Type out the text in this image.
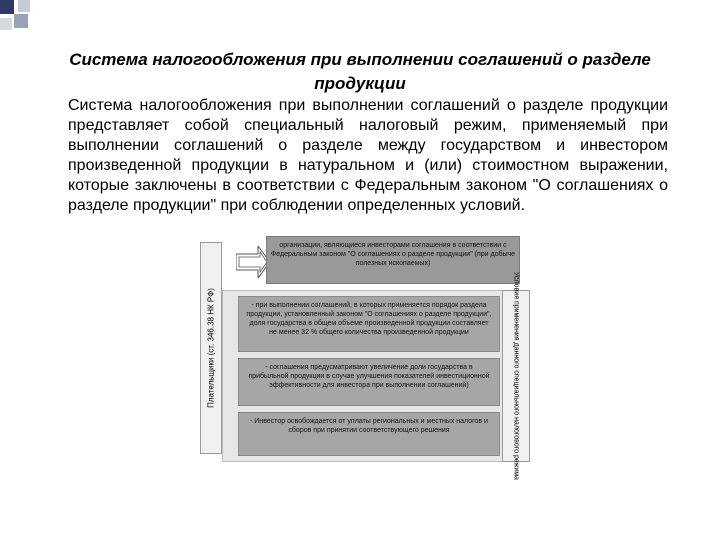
Система налогообложения при выполнении соглашений о разделе продукции

Система налогообложения при выполнении соглашений о разделе продукции представляет собой специальный налоговый режим, применяемый при выполнении соглашений о разделе между государством и инвестором произведенной продукции в натуральном и (или) стоимостном выражении, которые заключены в соответствии с Федеральным законом "О соглашениях о разделе продукции" при соблюдении определенных условий.

Плательщики (ст. 346.38 НК РФ)
организации, являющиеся инвесторами соглашения в соответствии с Федеральным законом "О соглашениях о разделе продукции" (при добыче полезных ископаемых)
- при выполнении соглашений, в которых применяется порядок раздела продукции, установленный законом "О соглашениях о разделе продукции", доля государства в общем объеме произведенной продукции составляет не менее 32 % общего количества произведенной продукции
- соглашения предусматривают увеличение доли государства в прибыльной продукции в случае улучшения показателей инвестиционной эффективности для инвестора при выполнении соглашений)
- Инвестор освобождается от уплаты региональных и местных налогов и сборов при принятии соответствующего решения	Условия применения данного специального налогового режима
